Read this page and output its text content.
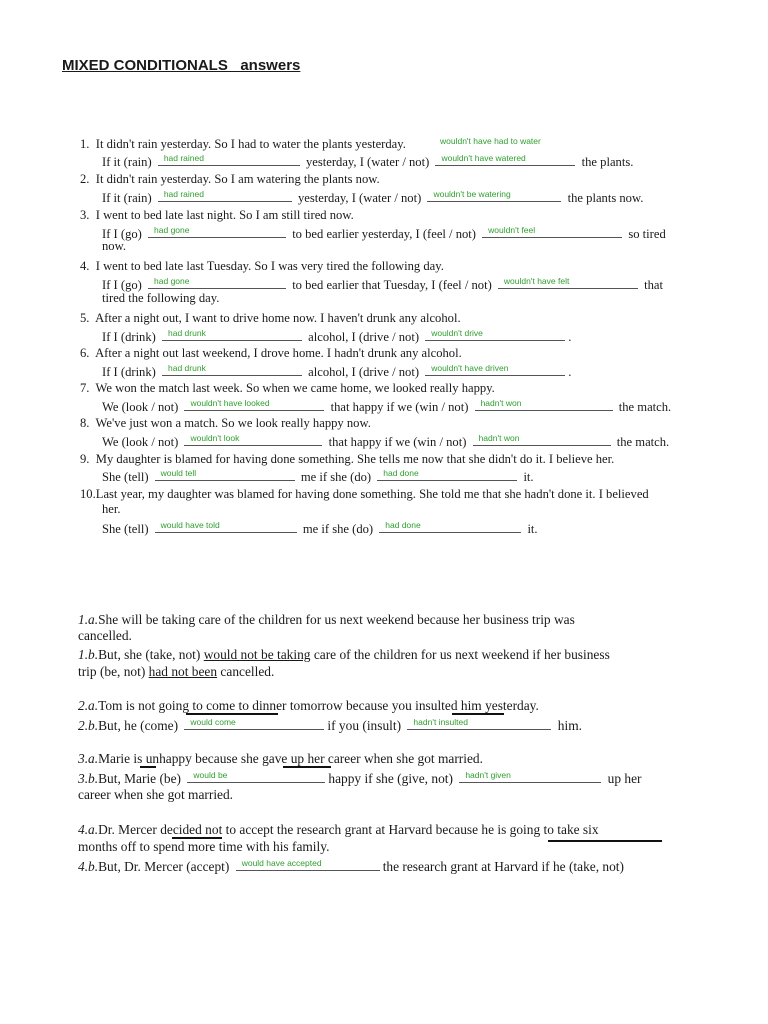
MIXED CONDITIONALS   answers
1. It didn't rain yesterday. So I had to water the plants yesterday.	wouldn't have had to water
If it (rain) had rained	yesterday, I (water / not) wouldn't have watered	the plants.
2. It didn't rain yesterday. So I am watering the plants now.
If it (rain) had rained	yesterday, I (water / not) wouldn't be watering	the plants now.
3. I went to bed late last night. So I am still tired now.
If I (go) had gone	to bed earlier yesterday, I (feel / not) wouldn't feel	so tired
now.
4. I went to bed late last Tuesday. So I was very tired the following day.
If I (go) had gone	to bed earlier that Tuesday, I (feel / not) wouldn't have felt	that
tired the following day.
5. After a night out, I want to drive home now. I haven't drunk any alcohol.
If I (drink) had drunk	alcohol, I (drive / not) wouldn't drive	.
6. After a night out last weekend, I drove home. I hadn't drunk any alcohol.
If I (drink) had drunk	alcohol, I (drive / not) wouldn't have driven	.
7. We won the match last week. So when we came home, we looked really happy.
We (look / not) wouldn't have looked	that happy if we (win / not) hadn't won	the match.
8. We've just won a match. So we look really happy now.
We (look / not) wouldn't look	that happy if we (win / not) hadn't won	the match.
9. My daughter is blamed for having done something. She tells me now that she didn't do it. I believe her.
She (tell) would tell	me if she (do) had done	it.
10.Last year, my daughter was blamed for having done something. She told me that she hadn't done it. I believed
her.
She (tell) would have told	me if she (do) had done	it.
1.a.She will be taking care of the children for us next weekend because her business trip was
cancelled.
1.b.But, she (take, not) would not be taking care of the children for us next weekend if her business
trip (be, not) had not been cancelled.
2.a.Tom is not going to come to dinner tomorrow because you insulted him yesterday.
2.b.But, he (come) would come	if you (insult) hadn't insulted	him.
3.a.Marie is unhappy because she gave up her career when she got married.
3.b.But, Marie (be) would be	happy if she (give, not) hadn't given	up her
career when she got married.
4.a.Dr. Mercer decided not to accept the research grant at Harvard because he is going to take six
months off to spend more time with his family.
4.b.But, Dr. Mercer (accept) would have accepted	the research grant at Harvard if he (take, not)
